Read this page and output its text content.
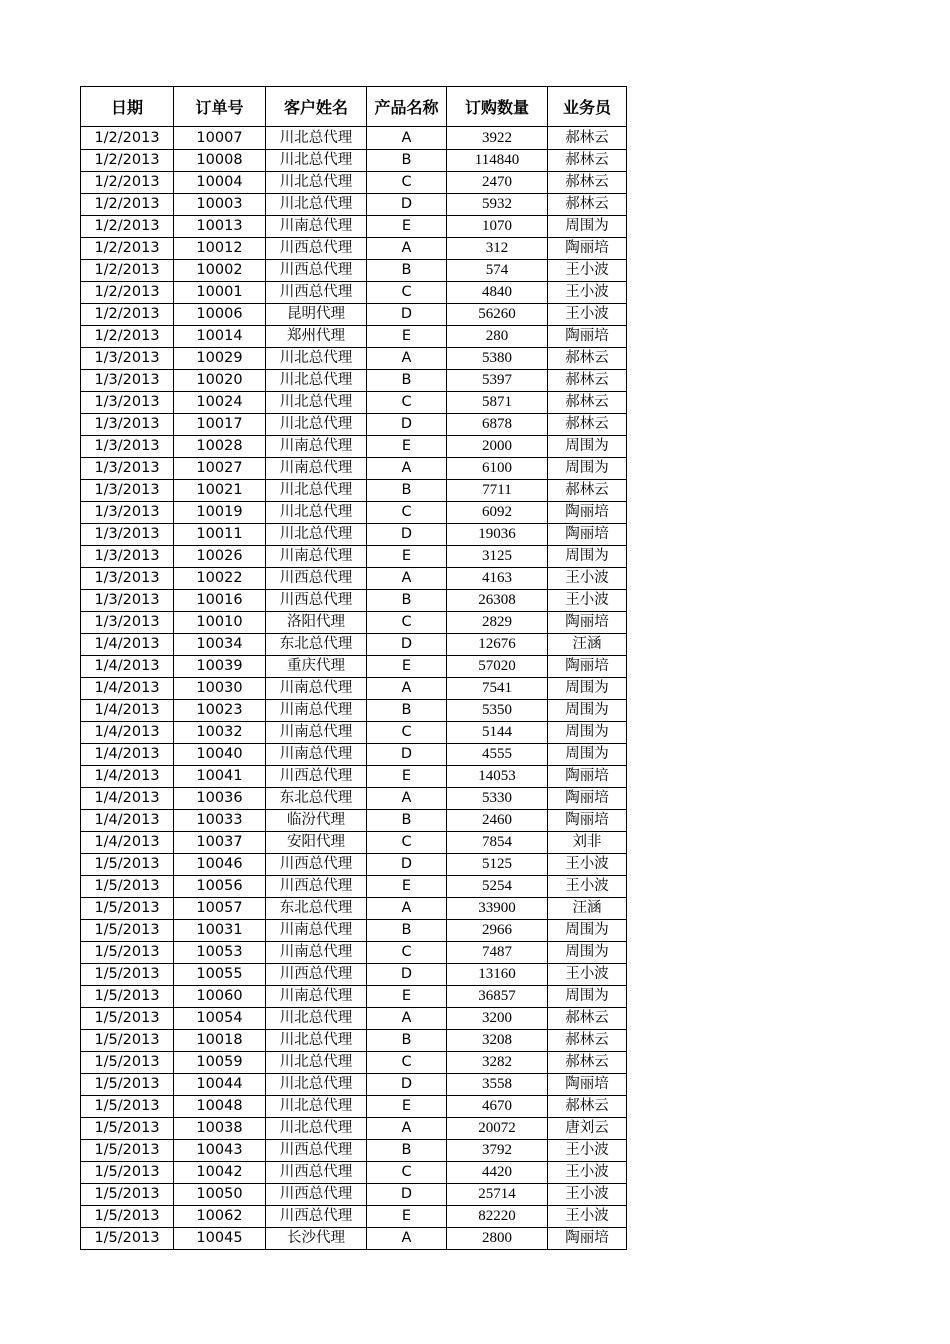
日期	订单号	客户姓名	产品名称	订购数量	业务员
1/2/2013	10007	川北总代理	A	3922	郝林云
1/2/2013	10008	川北总代理	B	114840	郝林云
1/2/2013	10004	川北总代理	C	2470	郝林云
1/2/2013	10003	川北总代理	D	5932	郝林云
1/2/2013	10013	川南总代理	E	1070	周围为
1/2/2013	10012	川西总代理	A	312	陶丽培
1/2/2013	10002	川西总代理	B	574	王小波
1/2/2013	10001	川西总代理	C	4840	王小波
1/2/2013	10006	昆明代理	D	56260	王小波
1/2/2013	10014	郑州代理	E	280	陶丽培
1/3/2013	10029	川北总代理	A	5380	郝林云
1/3/2013	10020	川北总代理	B	5397	郝林云
1/3/2013	10024	川北总代理	C	5871	郝林云
1/3/2013	10017	川北总代理	D	6878	郝林云
1/3/2013	10028	川南总代理	E	2000	周围为
1/3/2013	10027	川南总代理	A	6100	周围为
1/3/2013	10021	川北总代理	B	7711	郝林云
1/3/2013	10019	川北总代理	C	6092	陶丽培
1/3/2013	10011	川北总代理	D	19036	陶丽培
1/3/2013	10026	川南总代理	E	3125	周围为
1/3/2013	10022	川西总代理	A	4163	王小波
1/3/2013	10016	川西总代理	B	26308	王小波
1/3/2013	10010	洛阳代理	C	2829	陶丽培
1/4/2013	10034	东北总代理	D	12676	汪涵
1/4/2013	10039	重庆代理	E	57020	陶丽培
1/4/2013	10030	川南总代理	A	7541	周围为
1/4/2013	10023	川南总代理	B	5350	周围为
1/4/2013	10032	川南总代理	C	5144	周围为
1/4/2013	10040	川南总代理	D	4555	周围为
1/4/2013	10041	川西总代理	E	14053	陶丽培
1/4/2013	10036	东北总代理	A	5330	陶丽培
1/4/2013	10033	临汾代理	B	2460	陶丽培
1/4/2013	10037	安阳代理	C	7854	刘非
1/5/2013	10046	川西总代理	D	5125	王小波
1/5/2013	10056	川西总代理	E	5254	王小波
1/5/2013	10057	东北总代理	A	33900	汪涵
1/5/2013	10031	川南总代理	B	2966	周围为
1/5/2013	10053	川南总代理	C	7487	周围为
1/5/2013	10055	川西总代理	D	13160	王小波
1/5/2013	10060	川南总代理	E	36857	周围为
1/5/2013	10054	川北总代理	A	3200	郝林云
1/5/2013	10018	川北总代理	B	3208	郝林云
1/5/2013	10059	川北总代理	C	3282	郝林云
1/5/2013	10044	川北总代理	D	3558	陶丽培
1/5/2013	10048	川北总代理	E	4670	郝林云
1/5/2013	10038	川北总代理	A	20072	唐刘云
1/5/2013	10043	川西总代理	B	3792	王小波
1/5/2013	10042	川西总代理	C	4420	王小波
1/5/2013	10050	川西总代理	D	25714	王小波
1/5/2013	10062	川西总代理	E	82220	王小波
1/5/2013	10045	长沙代理	A	2800	陶丽培
